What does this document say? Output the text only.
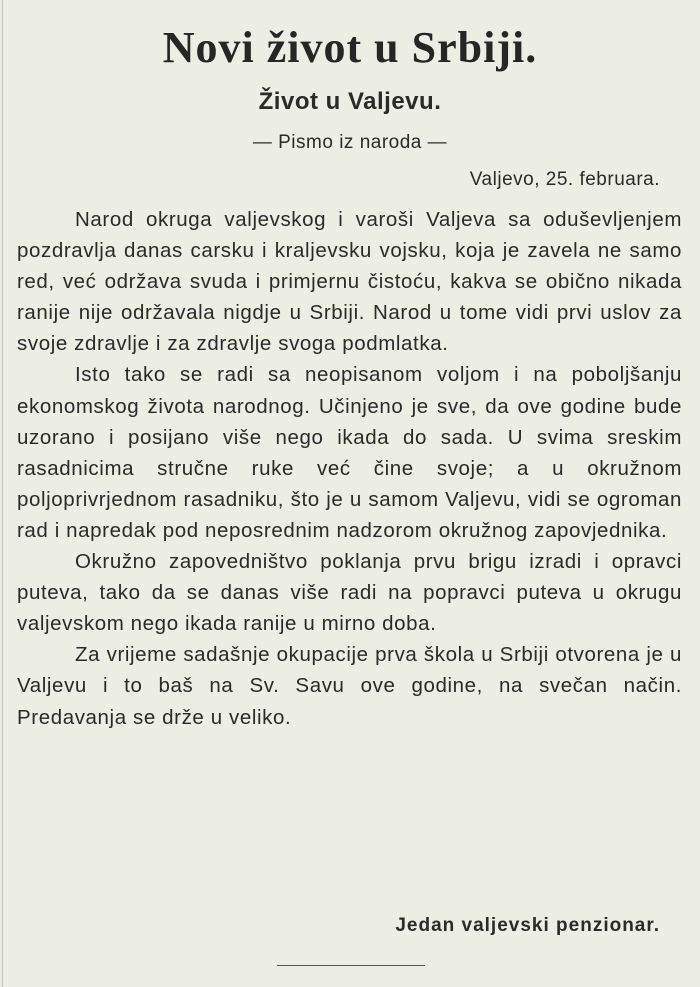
Novi život u Srbiji.
Život u Valjevu.
— Pismo iz naroda —
Valjevo, 25. februara.

Narod okruga valjevskog i varoši Valjeva sa oduševljenjem pozdravlja danas carsku i kraljevsku vojsku, koja je zavela ne samo red, već održava svuda i primjernu čistoću, kakva se obično nikada ranije nije održavala nigdje u Srbiji. Narod u tome vidi prvi uslov za svoje zdravlje i za zdravlje svoga podmlatka.

Isto tako se radi sa neopisanom voljom i na poboljšanju ekonomskog života narodnog. Učinjeno je sve, da ove godine bude uzorano i posijano više nego ikada do sada. U svima sreskim rasadnicima stručne ruke već čine svoje; a u okružnom poljoprivrjednom rasadniku, što je u samom Valjevu, vidi se ogroman rad i napredak pod neposrednim nadzorom okružnog zapovjednika.

Okružno zapovedništvo poklanja prvu brigu izradi i opravci puteva, tako da se danas više radi na popravci puteva u okrugu valjevskom nego ikada ranije u mirno doba.

Za vrijeme sadašnje okupacije prva škola u Srbiji otvorena je u Valjevu i to baš na Sv. Savu ove godine, na svečan način. Predavanja se drže u veliko.

Jedan valjevski penzionar.
